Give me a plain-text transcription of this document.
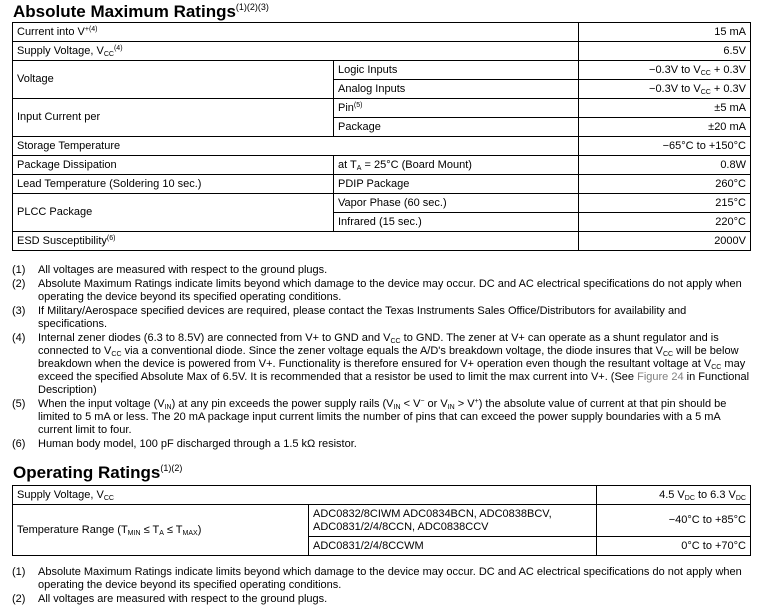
Absolute Maximum Ratings$^{(1)(2)(3)}$
Current into $V^{+(4)}$		15 mA
Supply Voltage, $V_{CC}^{(4)}$		6.5V
Voltage	Logic Inputs	−0.3V to $V_{CC} + 0.3V$
	Analog Inputs	−0.3V to $V_{CC} + 0.3V$
Input Current per	Pin$^{(5)}$	±5 mA
	Package	±20 mA
Storage Temperature		−65°C to +150°C
Package Dissipation	at $T_A = 25^\circ C$ (Board Mount)	0.8W
Lead Temperature (Soldering 10 sec.)	PDIP Package	260°C
PLCC Package	Vapor Phase (60 sec.)	215°C
	Infrared (15 sec.)	220°C
ESD Susceptibility$^{(6)}$		2000V
(1)	All voltages are measured with respect to the ground plugs.
(2)	Absolute Maximum Ratings indicate limits beyond which damage to the device may occur. DC and AC electrical specifications do not apply when operating the device beyond its specified operating conditions.
(3)	If Military/Aerospace specified devices are required, please contact the Texas Instruments Sales Office/Distributors for availability and specifications.
(4)	Internal zener diodes (6.3 to 8.5V) are connected from V+ to GND and $V_{CC}$ to GND. The zener at V+ can operate as a shunt regulator and is connected to $V_{CC}$ via a conventional diode. Since the zener voltage equals the A/D's breakdown voltage, the diode insures that $V_{CC}$ will be below breakdown when the device is powered from V+. Functionality is therefore ensured for V+ operation even though the resultant voltage at $V_{CC}$ may exceed the specified Absolute Max of 6.5V. It is recommended that a resistor be used to limit the max current into V+. (See Figure 24 in Functional Description)
(5)	When the input voltage $(V_{IN})$ at any pin exceeds the power supply rails ($V_{IN} < V^-$ or $V_{IN} > V^+$) the absolute value of current at that pin should be limited to 5 mA or less. The 20 mA package input current limits the number of pins that can exceed the power supply boundaries with a 5 mA current limit to four.
(6)	Human body model, 100 pF discharged through a 1.5 kΩ resistor.
Operating Ratings$^{(1)(2)}$
Supply Voltage, $V_{CC}$		4.5 $V_{DC}$ to 6.3 $V_{DC}$
Temperature Range $(T_{MIN} \le T_A \le T_{MAX})$	ADC0832/8CIWM ADC0834BCN, ADC0838BCV, ADC0831/2/4/8CCN, ADC0838CCV	−40°C to +85°C
	ADC0831/2/4/8CCWM	0°C to +70°C
(1)	Absolute Maximum Ratings indicate limits beyond which damage to the device may occur. DC and AC electrical specifications do not apply when operating the device beyond its specified operating conditions.
(2)	All voltages are measured with respect to the ground plugs.
